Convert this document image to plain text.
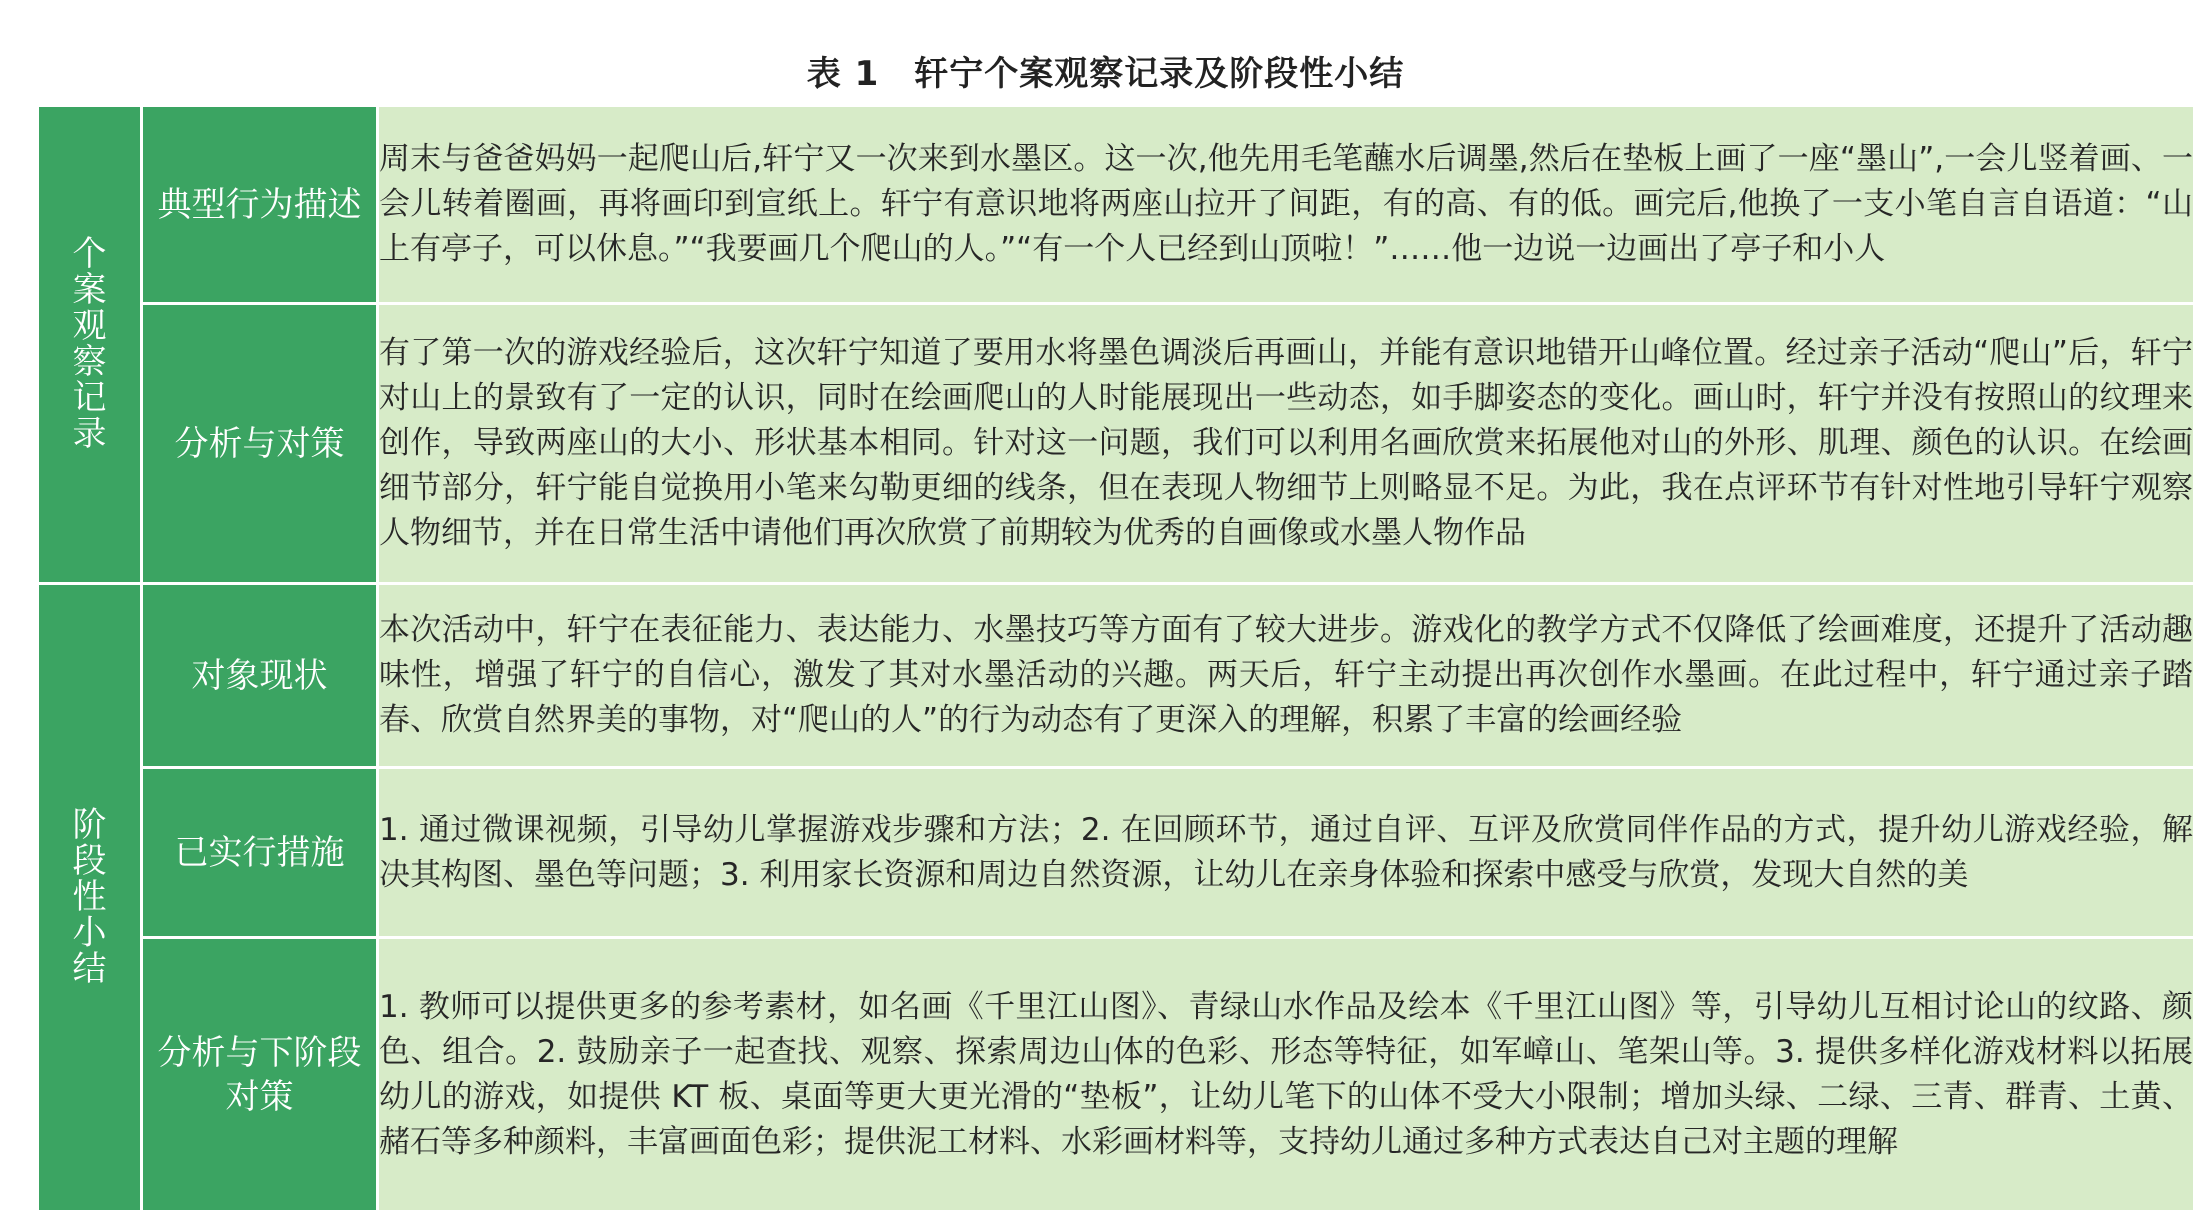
表 1　轩宁个案观察记录及阶段性小结
个案观察记录	典型行为描述	周末与爸爸妈妈一起爬山后,轩宁又一次来到水墨区。这一次,他先用毛笔蘸水后调墨,然后在垫板上画了一座“墨山”,一会儿竖着画、一会儿转着圈画，再将画印到宣纸上。轩宁有意识地将两座山拉开了间距，有的高、有的低。画完后,他换了一支小笔自言自语道：“山上有亭子，可以休息。”“我要画几个爬山的人。”“有一个人已经到山顶啦！”……他一边说一边画出了亭子和小人
	分析与对策	有了第一次的游戏经验后，这次轩宁知道了要用水将墨色调淡后再画山，并能有意识地错开山峰位置。经过亲子活动“爬山”后，轩宁对山上的景致有了一定的认识，同时在绘画爬山的人时能展现出一些动态，如手脚姿态的变化。画山时，轩宁并没有按照山的纹理来创作，导致两座山的大小、形状基本相同。针对这一问题，我们可以利用名画欣赏来拓展他对山的外形、肌理、颜色的认识。在绘画细节部分，轩宁能自觉换用小笔来勾勒更细的线条，但在表现人物细节上则略显不足。为此，我在点评环节有针对性地引导轩宁观察人物细节，并在日常生活中请他们再次欣赏了前期较为优秀的自画像或水墨人物作品
阶段性小结	对象现状	本次活动中，轩宁在表征能力、表达能力、水墨技巧等方面有了较大进步。游戏化的教学方式不仅降低了绘画难度，还提升了活动趣味性，增强了轩宁的自信心，激发了其对水墨活动的兴趣。两天后，轩宁主动提出再次创作水墨画。在此过程中，轩宁通过亲子踏春、欣赏自然界美的事物，对“爬山的人”的行为动态有了更深入的理解，积累了丰富的绘画经验
	已实行措施	1. 通过微课视频，引导幼儿掌握游戏步骤和方法；2. 在回顾环节，通过自评、互评及欣赏同伴作品的方式，提升幼儿游戏经验，解决其构图、墨色等问题；3. 利用家长资源和周边自然资源，让幼儿在亲身体验和探索中感受与欣赏，发现大自然的美
	分析与下阶段对策	1. 教师可以提供更多的参考素材，如名画《千里江山图》、青绿山水作品及绘本《千里江山图》等，引导幼儿互相讨论山的纹路、颜色、组合。2. 鼓励亲子一起查找、观察、探索周边山体的色彩、形态等特征，如军嶂山、笔架山等。3. 提供多样化游戏材料以拓展幼儿的游戏，如提供 KT 板、桌面等更大更光滑的“垫板”，让幼儿笔下的山体不受大小限制；增加头绿、二绿、三青、群青、土黄、赭石等多种颜料，丰富画面色彩；提供泥工材料、水彩画材料等，支持幼儿通过多种方式表达自己对主题的理解
